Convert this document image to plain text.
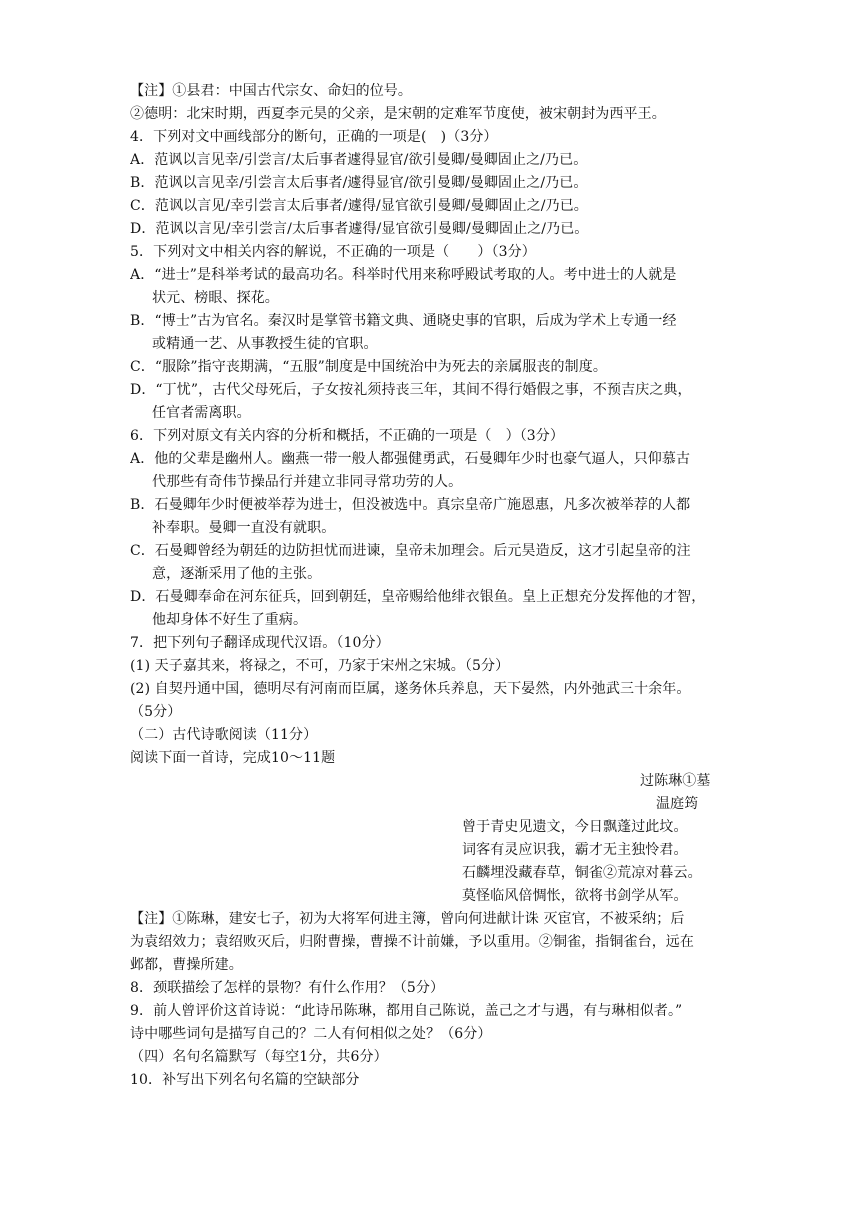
【注】①县君：中国古代宗女、命妇的位号。
②德明：北宋时期，西夏李元昊的父亲，是宋朝的定难军节度使，被宋朝封为西平王。
4．下列对文中画线部分的断句，正确的一项是(　)（3分）
A．范讽以言见幸/引尝言/太后事者遽得显官/欲引曼卿/曼卿固止之/乃已。
B．范讽以言见幸/引尝言太后事者/遽得显官/欲引曼卿/曼卿固止之/乃已。
C．范讽以言见/幸引尝言太后事者/遽得/显官欲引曼卿/曼卿固止之/乃已。
D．范讽以言见/幸引尝言/太后事者遽得/显官欲引曼卿/曼卿固止之/乃已。
5．下列对文中相关内容的解说，不正确的一项是（　　）（3分）
A．“进士”是科举考试的最高功名。科举时代用来称呼殿试考取的人。考中进士的人就是
状元、榜眼、探花。
B．“博士”古为官名。秦汉时是掌管书籍文典、通晓史事的官职，后成为学术上专通一经
或精通一艺、从事教授生徒的官职。
C．“服除”指守丧期满，“五服”制度是中国统治中为死去的亲属服丧的制度。
D．“丁忧”，古代父母死后，子女按礼须持丧三年，其间不得行婚假之事，不预吉庆之典，
任官者需离职。
6．下列对原文有关内容的分析和概括，不正确的一项是（　）（3分）
A．他的父辈是幽州人。幽燕一带一般人都强健勇武，石曼卿年少时也豪气逼人，只仰慕古
代那些有奇伟节操品行并建立非同寻常功劳的人。
B．石曼卿年少时便被举荐为进士，但没被选中。真宗皇帝广施恩惠，凡多次被举荐的人都
补奉职。曼卿一直没有就职。
C．石曼卿曾经为朝廷的边防担忧而进谏，皇帝未加理会。后元昊造反，这才引起皇帝的注
意，逐渐采用了他的主张。
D．石曼卿奉命在河东征兵，回到朝廷，皇帝赐给他绯衣银鱼。皇上正想充分发挥他的才智，
他却身体不好生了重病。
7．把下列句子翻译成现代汉语。（10分）
(1) 天子嘉其来，将禄之，不可，乃家于宋州之宋城。（5分）
(2) 自契丹通中国，德明尽有河南而臣属，遂务休兵养息，天下晏然，内外弛武三十余年。
（5分）
（二）古代诗歌阅读（11分）
阅读下面一首诗，完成10～11题
过陈琳①墓
温庭筠
曾于青史见遗文，今日飘蓬过此坟。
词客有灵应识我，霸才无主独怜君。
石麟埋没藏春草，铜雀②荒凉对暮云。
莫怪临风倍惆怅，欲将书剑学从军。
【注】①陈琳，建安七子，初为大将军何进主簿，曾向何进献计诛 灭宦官，不被采纳；后
为袁绍效力；袁绍败灭后，归附曹操，曹操不计前嫌，予以重用。②铜雀，指铜雀台，远在
邺都，曹操所建。
8．颈联描绘了怎样的景物？有什么作用？（5分）
9．前人曾评价这首诗说：“此诗吊陈琳，都用自己陈说，盖己之才与遇，有与琳相似者。”
诗中哪些词句是描写自己的？二人有何相似之处？（6分）
（四）名句名篇默写（每空1分，共6分）
10．补写出下列名句名篇的空缺部分
